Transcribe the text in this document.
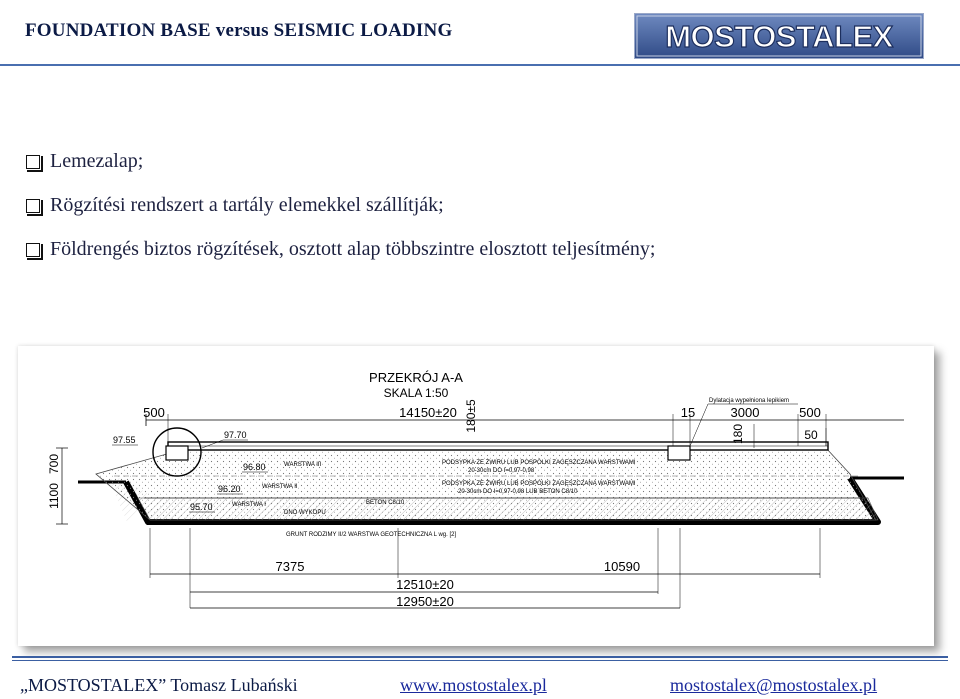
FOUNDATION BASE versus SEISMIC LOADING	MOSTOSTALEX
Lemezalap;
Rögzítési rendszert a tartály elemekkel szállítják;
Földrengés biztos rögzítések, osztott alap többszintre elosztott teljesítmény;
PRZEKRÓJ A-A
SKALA 1:50
500	14150±20 180±5	15	3000	500
Dylatacja wypełniona lepikiem
180	50
1100
700
97.55	97.70
96.80
96.20
95.70
WARSTWA III
WARSTWA II
WARSTWA I
DNO WYKOPU
BETON C8/10
GRUNT RODZIMY II/2 WARSTWA GEOTECHNICZNA L wg. [2]
PODSYPKA ZE ŻWIRU LUB POSPÓLKI ZAGĘSZCZANA WARSTWAMI
20-30cm DO I=0,97-0,98
PODSYPKA ZE ŻWIRU LUB POSPÓLKI ZAGĘSZCZANA WARSTWAMI
20-30cm DO I=0,97-0,98 LUB BETON C8/10
7375	10590
12510±20
12950±20
„MOSTOSTALEX” Tomasz Lubański	www.mostostalex.pl	mostostalex@mostostalex.pl
